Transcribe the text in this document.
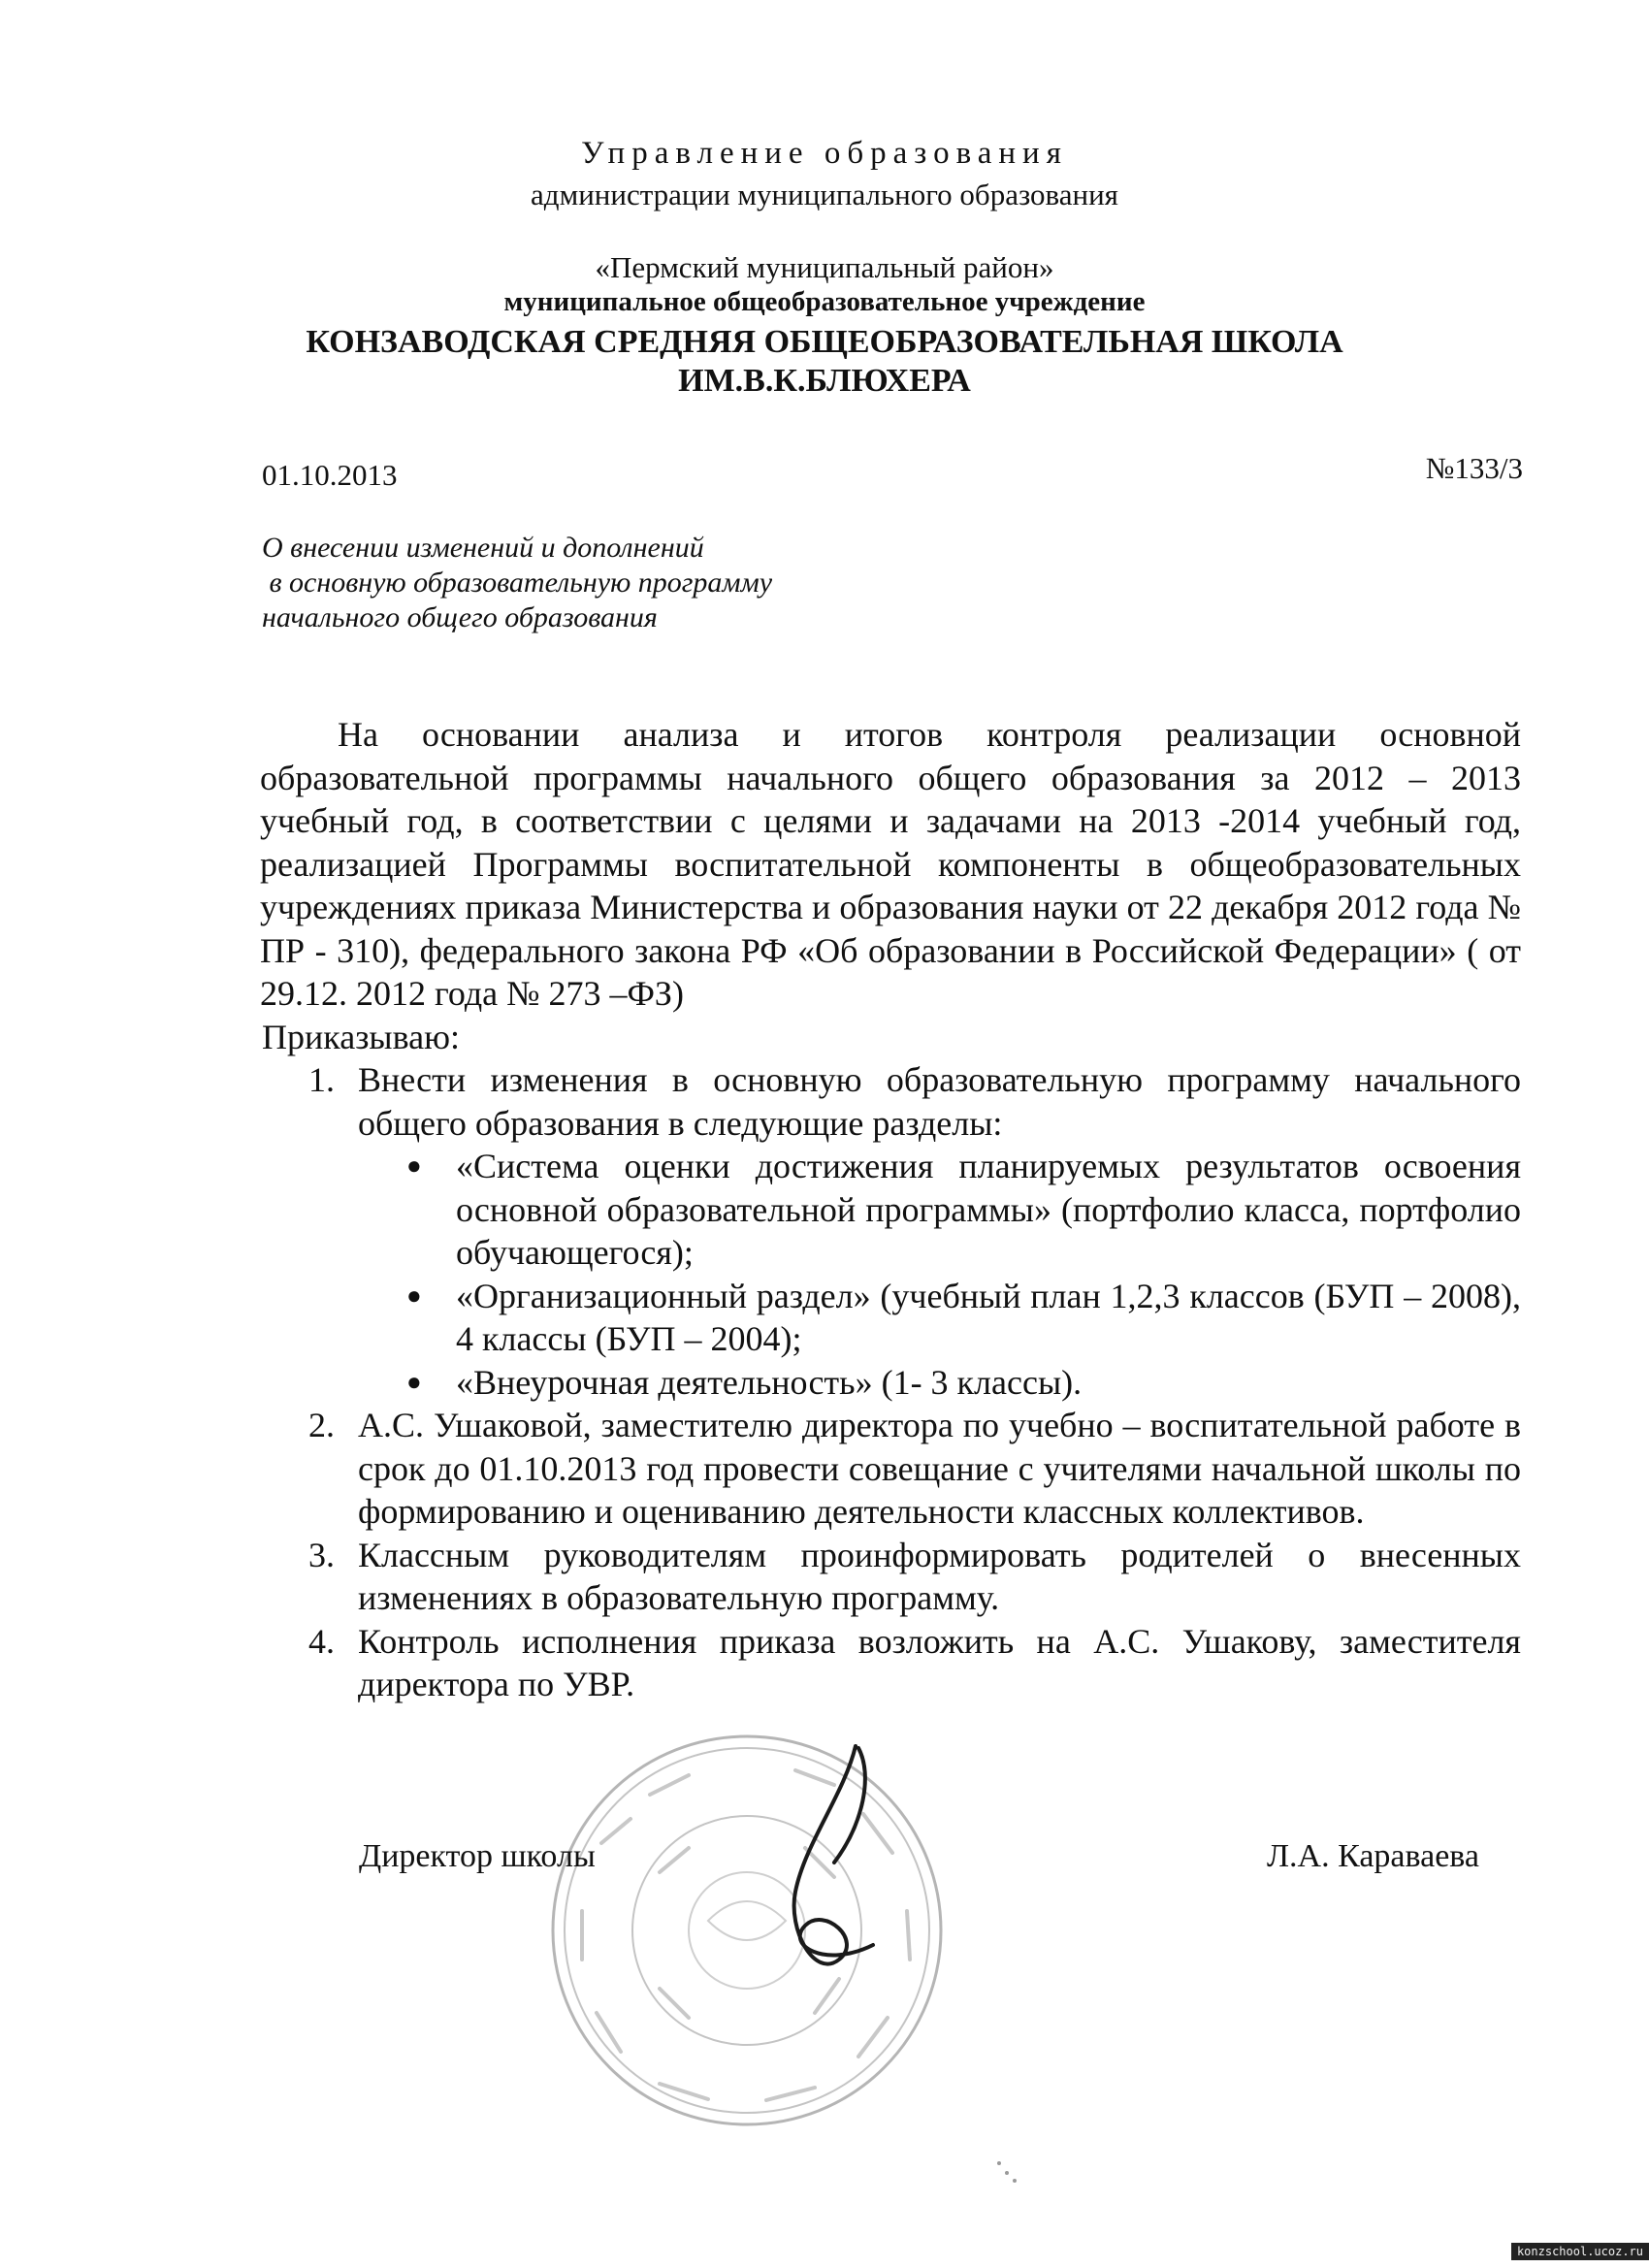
Управление образования
администрации муниципального образования
«Пермский муниципальный район»
муниципальное общеобразовательное учреждение
КОНЗАВОДСКАЯ СРЕДНЯЯ ОБЩЕОБРАЗОВАТЕЛЬНАЯ ШКОЛА
ИМ.В.К.БЛЮХЕРА
01.10.2013	№133/3
О внесении изменений и дополнений
в основную образовательную программу
начального общего образования

На основании анализа и итогов контроля реализации основной образовательной программы начального общего образования за 2012 – 2013 учебный год, в соответствии с целями и задачами на 2013 -2014 учебный год, реализацией Программы воспитательной компоненты в общеобразовательных учреждениях приказа Министерства и образования науки от 22 декабря 2012 года № ПР - 310), федерального закона РФ «Об образовании в Российской Федерации» ( от 29.12. 2012 года № 273 –ФЗ)

Приказываю:

1. Внести изменения в основную образовательную программу начального общего образования в следующие разделы:
● «Система оценки достижения планируемых результатов освоения основной образовательной программы» (портфолио класса, портфолио обучающегося);
● «Организационный раздел» (учебный план 1,2,3 классов (БУП – 2008), 4 классы (БУП – 2004);
● «Внеурочная деятельность» (1- 3 классы).
2. А.С. Ушаковой, заместителю директора по учебно – воспитательной работе в срок до 01.10.2013 год провести совещание с учителями начальной школы по формированию и оцениванию деятельности классных коллективов.
3. Классным руководителям проинформировать родителей о внесенных изменениях в образовательную программу.
4. Контроль исполнения приказа возложить на А.С. Ушакову, заместителя директора по УВР.
Директор школы	Л.А. Караваева
konzschool.ucoz.ru
